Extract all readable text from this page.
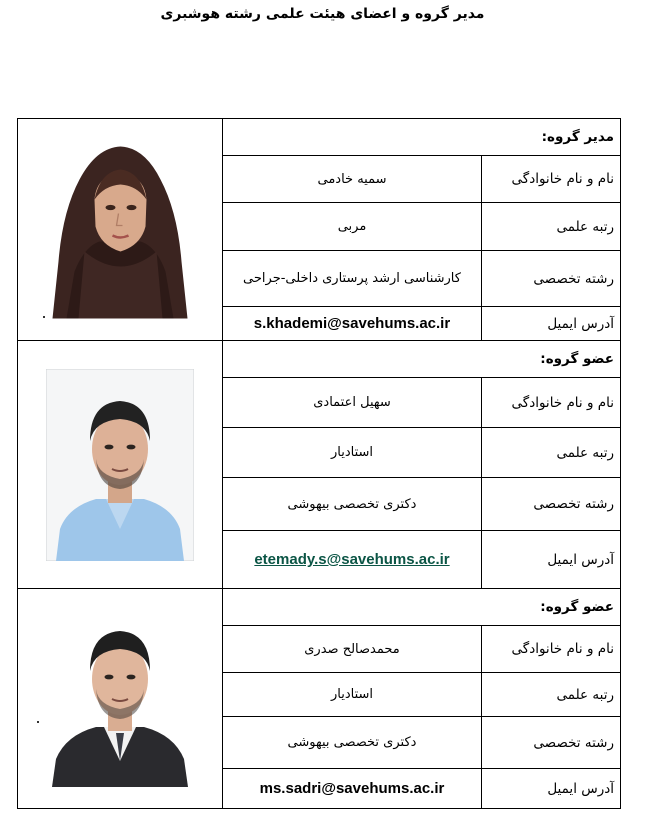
مدیر گروه و اعضای هیئت علمی رشته هوشبری
	مدیر گروه:	
	سمیه خادمی	نام و نام خانوادگی
	مربی	رتبه علمی
	کارشناسی ارشد پرستاری داخلی-جراحی	رشته تخصصی
	s.khademi@savehums.ac.ir	آدرس ایمیل

	عضو گروه:	
	سهیل اعتمادی	نام و نام خانوادگی
	استادیار	رتبه علمی
	دکتری تخصصی بیهوشی	رشته تخصصی
	etemady.s@savehums.ac.ir	آدرس ایمیل

	عضو گروه:	
	محمدصالح صدری	نام و نام خانوادگی
	استادیار	رتبه علمی
	دکتری تخصصی بیهوشی	رشته تخصصی
	ms.sadri@savehums.ac.ir	آدرس ایمیل
